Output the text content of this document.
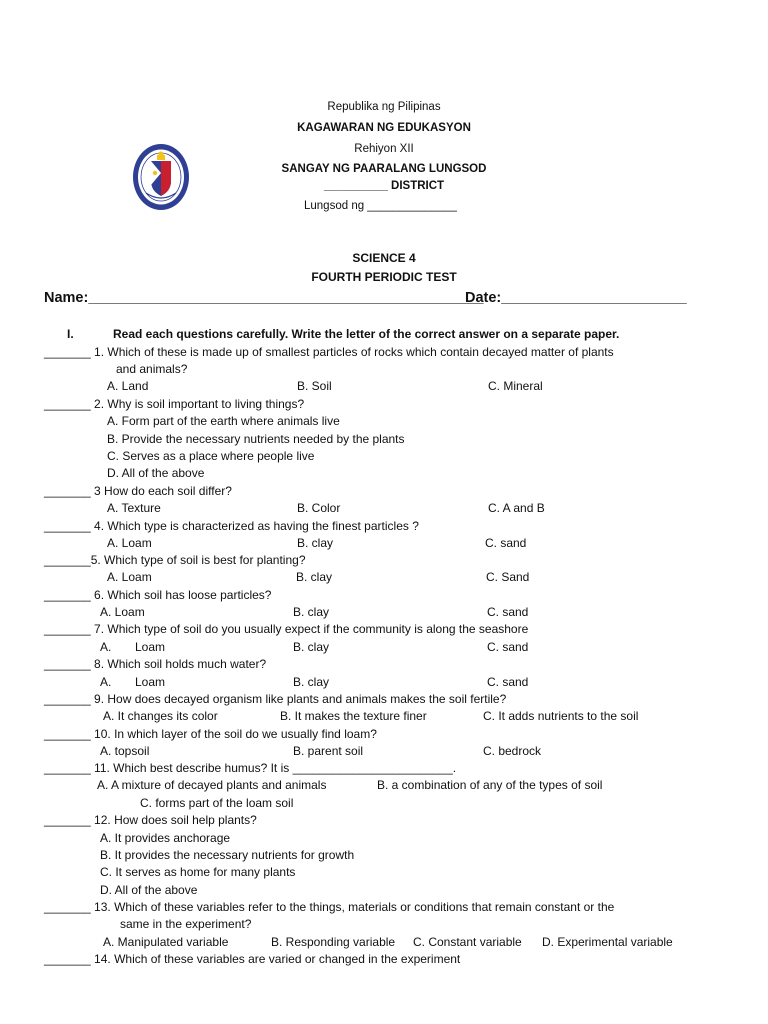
Republika ng Pilipinas
KAGAWARAN NG EDUKASYON
Rehiyon XII
SANGAY NG PAARALANG LUNGSOD
__________ DISTRICT
Lungsod ng ______________
SCIENCE 4
FOURTH PERIODIC TEST
Name:_________________________________________________
Date:_______________________
I.	Read each questions carefully. Write the letter of the correct answer on a separate paper.
_______ 1. Which of these is made up of smallest particles of rocks which contain decayed matter of plants
and animals?
A. Land	B. Soil	C. Mineral
_______ 2. Why is soil important to living things?
A. Form part of the earth where animals live
B. Provide the necessary nutrients needed by the plants
C. Serves as a place where people live
D. All of the above
_______ 3 How do each soil differ?
A. Texture	B. Color	C. A and B
_______ 4. Which type is characterized as having the finest particles ?
A. Loam	B. clay	C. sand
_______5. Which type of soil is best for planting?
A. Loam	B. clay	C. Sand
_______ 6. Which soil has loose particles?
A. Loam	B. clay	C. sand
_______ 7. Which type of soil do you usually expect if the community is along the seashore
A. Loam	B. clay	C. sand
_______ 8. Which soil holds much water?
A. Loam	B. clay	C. sand
_______ 9. How does decayed organism like plants and animals makes the soil fertile?
A. It changes its color	B. It makes the texture finer	C. It adds nutrients to the soil
_______ 10. In which layer of the soil do we usually find loam?
A. topsoil	B. parent soil	C. bedrock
_______ 11. Which best describe humus? It is ________________________.
A. A mixture of decayed plants and animals	B. a combination of any of the types of soil
C. forms part of the loam soil
_______ 12. How does soil help plants?
A. It provides anchorage
B. It provides the necessary nutrients for growth
C. It serves as home for many plants
D. All of the above
_______ 13. Which of these variables refer to the things, materials or conditions that remain constant or the
same in the experiment?
A. Manipulated variable	B. Responding variable C. Constant variable D. Experimental variable
_______ 14. Which of these variables are varied or changed in the experiment
